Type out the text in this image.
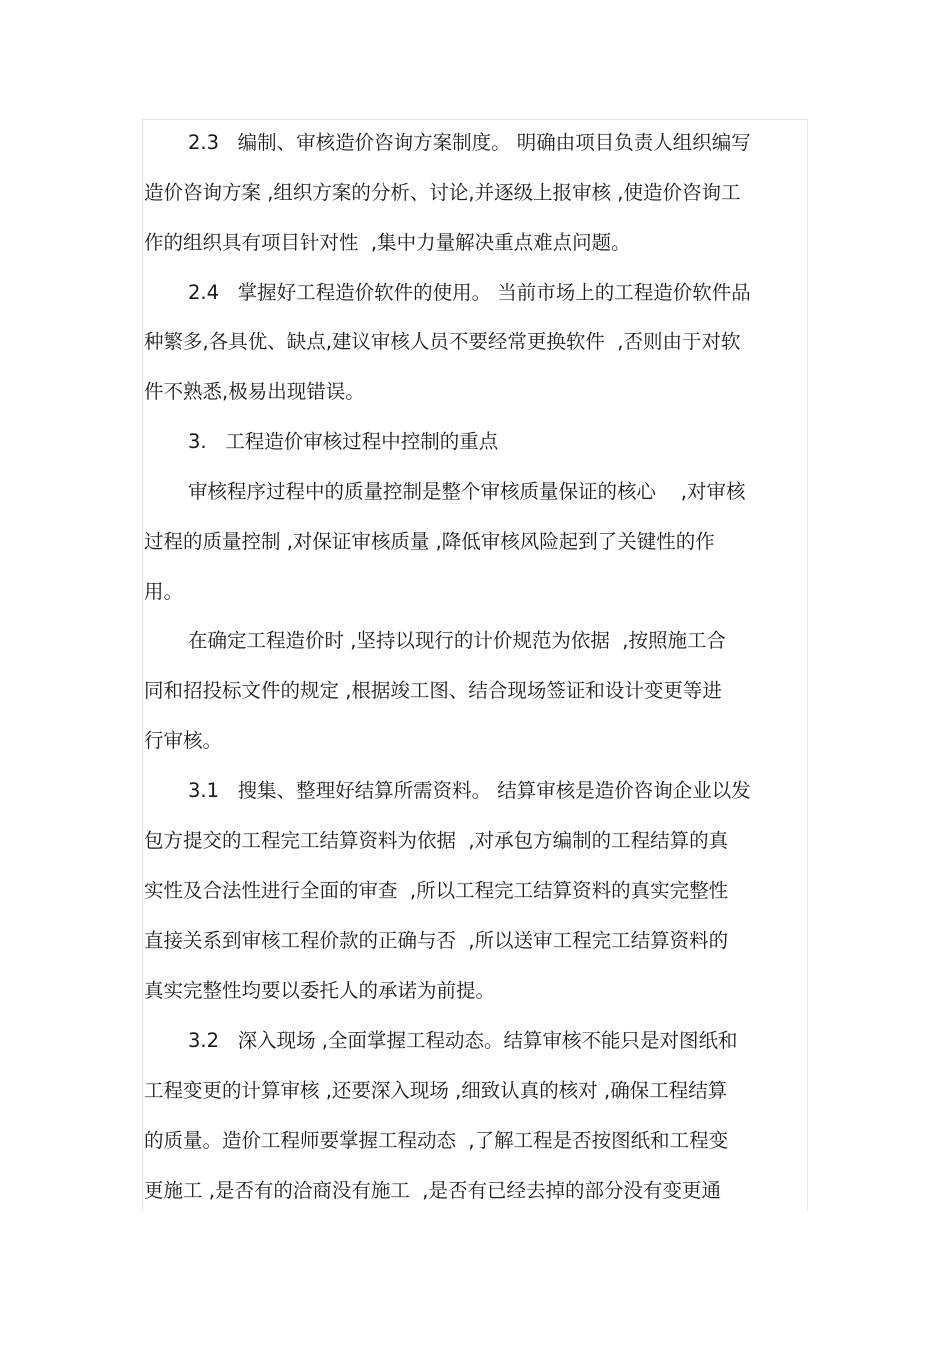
2.3   编制、审核造价咨询方案制度。 明确由项目负责人组织编写
造价咨询方案 ,组织方案的分析、讨论,并逐级上报审核 ,使造价咨询工
作的组织具有项目针对性  ,集中力量解决重点难点问题。
2.4   掌握好工程造价软件的使用。 当前市场上的工程造价软件品
种繁多,各具优、缺点,建议审核人员不要经常更换软件  ,否则由于对软
件不熟悉,极易出现错误。
3.   工程造价审核过程中控制的重点
审核程序过程中的质量控制是整个审核质量保证的核心    ,对审核
过程的质量控制 ,对保证审核质量 ,降低审核风险起到了关键性的作
用。
在确定工程造价时 ,坚持以现行的计价规范为依据  ,按照施工合
同和招投标文件的规定 ,根据竣工图、结合现场签证和设计变更等进
行审核。
3.1   搜集、整理好结算所需资料。 结算审核是造价咨询企业以发
包方提交的工程完工结算资料为依据  ,对承包方编制的工程结算的真
实性及合法性进行全面的审查  ,所以工程完工结算资料的真实完整性
直接关系到审核工程价款的正确与否  ,所以送审工程完工结算资料的
真实完整性均要以委托人的承诺为前提。
3.2   深入现场 ,全面掌握工程动态。结算审核不能只是对图纸和
工程变更的计算审核 ,还要深入现场 ,细致认真的核对 ,确保工程结算
的质量。造价工程师要掌握工程动态  ,了解工程是否按图纸和工程变
更施工 ,是否有的洽商没有施工  ,是否有已经去掉的部分没有变更通
